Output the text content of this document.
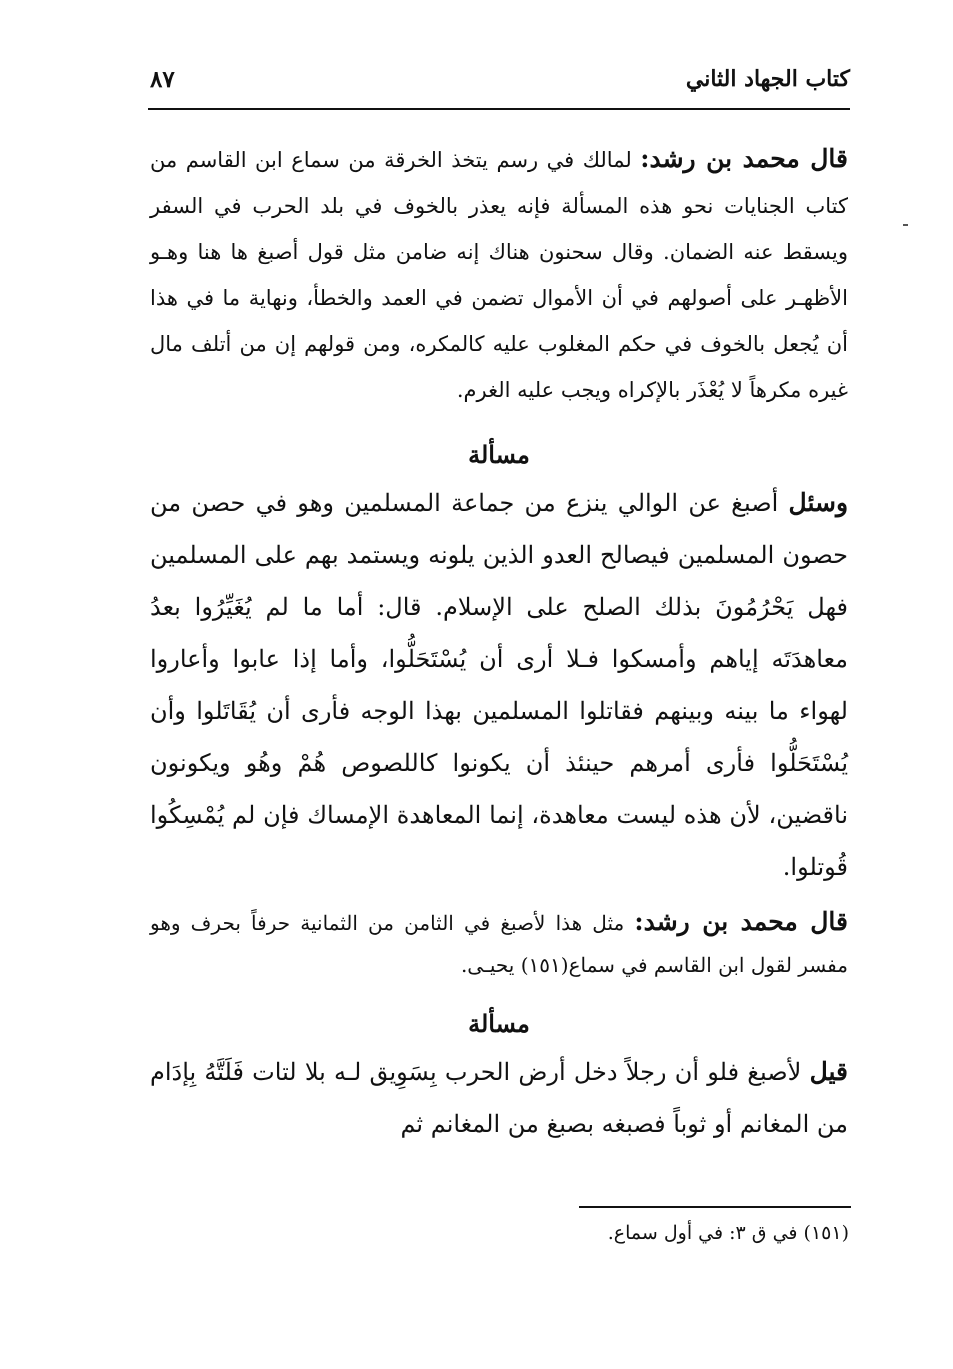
كتاب الجهاد الثاني
٨٧

قال محمد بن رشد: لمالك في رسم يتخذ الخرقة من سماع ابن القاسم من كتاب الجنايات نحو هذه المسألة فإنه يعذر بالخوف في بلد الحرب في السفر ويسقط عنه الضمان. وقال سحنون هناك إنه ضامن مثل قول أصبغ ها هنا وهـو الأظهـر على أصولهم في أن الأموال تضمن في العمد والخطأ، ونهاية ما في هذا أن يُجعل بالخوف في حكم المغلوب عليه كالمكره، ومن قولهم إن من أتلف مال غيره مكرهاً لا يُعْذَر بالإكراه ويجب عليه الغرم.

مسألة

وسئل أصبغ عن الوالي ينزع من جماعة المسلمين وهو في حصن من حصون المسلمين فيصالح العدو الذين يلونه ويستمد بهم على المسلمين فهل يَحْرُمُونَ بذلك الصلح على الإسلام. قال: أما ما لم يُغَيِّرُوا بعدُ معاهدَتَه إياهم وأمسكوا فـلا أرى أن يُسْتَحَلُّوا، وأما إذا عابوا وأعاروا لهواء ما بينه وبينهم فقاتلوا المسلمين بهذا الوجه فأرى أن يُقَاتَلوا وأن يُسْتَحَلُّوا فأرى أمرهم حينئذ أن يكونوا كاللصوص هُمْ وهُو ويكونون ناقضين، لأن هذه ليست معاهدة، إنما المعاهدة الإمساك فإن لم يُمْسِكُوا قُوتلوا.

قال محمد بن رشد: مثل هذا لأصبغ في الثامن من الثمانية حرفاً بحرف وهو مفسر لقول ابن القاسم في سماع(١٥١) يحيـى.

مسألة

قيل لأصبغ فلو أن رجلاً دخل أرض الحرب بِسَوِيق لـه بلا لتات فَلَتَّهُ بِإدَام من المغانم أو ثوباً فصبغه بصبغ من المغانم ثم

(١٥١) في ق ٣: في أول سماع.
